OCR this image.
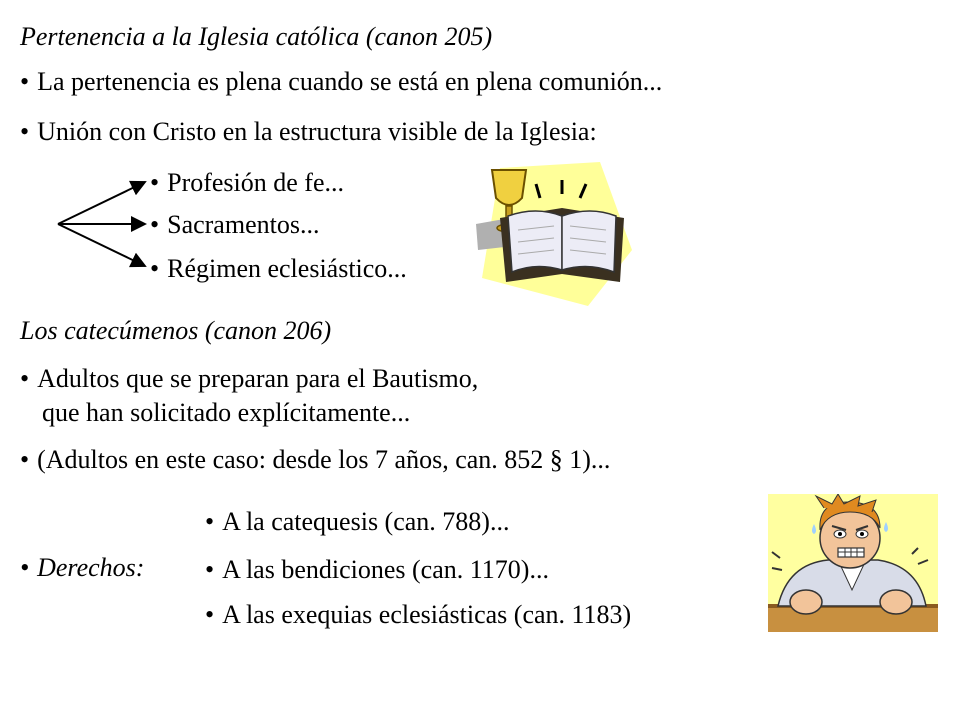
Pertenencia a la Iglesia católica (canon 205)
• La pertenencia es plena cuando se está en plena comunión...
• Unión con Cristo en la estructura visible de la Iglesia:
• Profesión de fe...
• Sacramentos...
• Régimen eclesiástico...
Los catecúmenos (canon 206)
• Adultos que se preparan para el Bautismo,
que han solicitado explícitamente...
• (Adultos en este caso: desde los 7 años, can. 852 § 1)...
• Derechos:
• A la catequesis (can. 788)...
• A las bendiciones (can. 1170)...
• A las exequias eclesiásticas (can. 1183)
